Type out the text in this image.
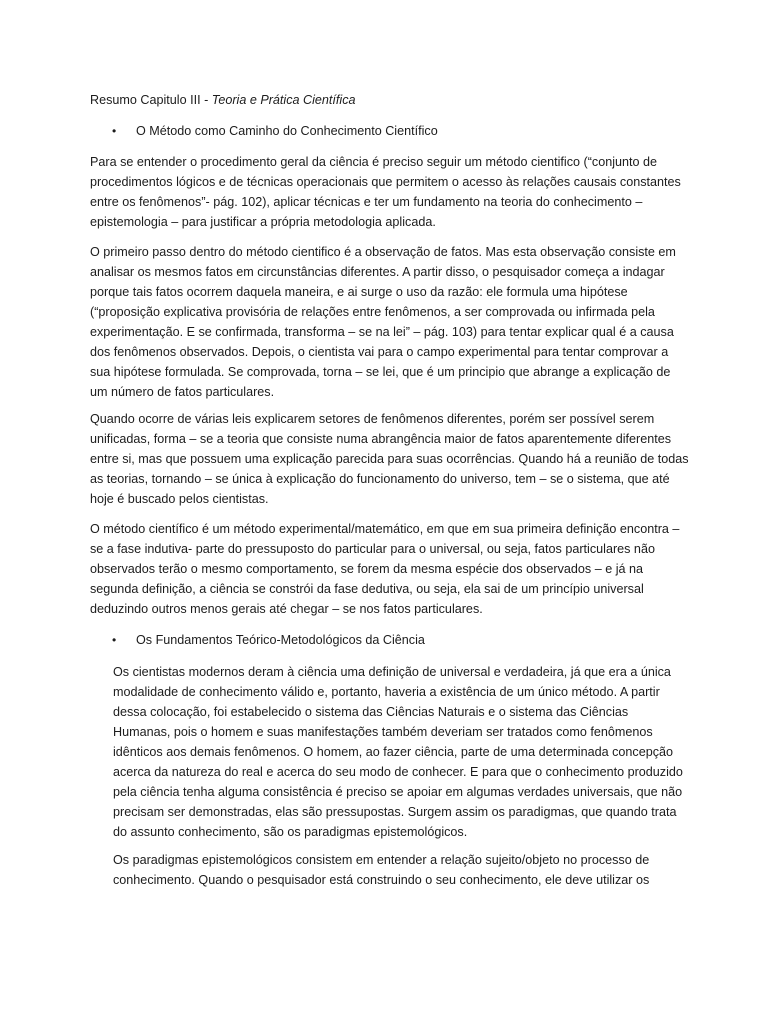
Resumo Capitulo III - Teoria e Prática Científica

•	O Método como Caminho do Conhecimento Científico

Para se entender o procedimento geral da ciência é preciso seguir um método cientifico (“conjunto de procedimentos lógicos e de técnicas operacionais que permitem o acesso às relações causais constantes entre os fenômenos”- pág. 102), aplicar técnicas e ter um fundamento na teoria do conhecimento – epistemologia – para justificar a própria metodologia aplicada.

O primeiro passo dentro do método cientifico é a observação de fatos. Mas esta observação consiste em analisar os mesmos fatos em circunstâncias diferentes. A partir disso, o pesquisador começa a indagar porque tais fatos ocorrem daquela maneira, e ai surge o uso da razão: ele formula uma hipótese (“proposição explicativa provisória de relações entre fenômenos, a ser comprovada ou infirmada pela experimentação. E se confirmada, transforma – se na lei” – pág. 103) para tentar explicar qual é a causa dos fenômenos observados. Depois, o cientista vai para o campo experimental para tentar comprovar a sua hipótese formulada. Se comprovada, torna – se lei, que é um principio que abrange a explicação de um número de fatos particulares.

Quando ocorre de várias leis explicarem setores de fenômenos diferentes, porém ser possível serem unificadas, forma – se a teoria que consiste numa abrangência maior de fatos aparentemente diferentes entre si, mas que possuem uma explicação parecida para suas ocorrências. Quando há a reunião de todas as teorias, tornando – se única à explicação do funcionamento do universo, tem – se o sistema, que até hoje é buscado pelos cientistas.

O método científico é um método experimental/matemático, em que em sua primeira definição encontra – se a fase indutiva- parte do pressuposto do particular para o universal, ou seja, fatos particulares não observados terão o mesmo comportamento, se forem da mesma espécie dos observados – e já na segunda definição, a ciência se constrói da fase dedutiva, ou seja, ela sai de um princípio universal deduzindo outros menos gerais até chegar – se nos fatos particulares.

•	Os Fundamentos Teórico-Metodológicos da Ciência

Os cientistas modernos deram à ciência uma definição de universal e verdadeira, já que era a única modalidade de conhecimento válido e, portanto, haveria a existência de um único método. A partir dessa colocação, foi estabelecido o sistema das Ciências Naturais e o sistema das Ciências Humanas, pois o homem e suas manifestações também deveriam ser tratados como fenômenos idênticos aos demais fenômenos. O homem, ao fazer ciência, parte de uma determinada concepção acerca da natureza do real e acerca do seu modo de conhecer. E para que o conhecimento produzido pela ciência tenha alguma consistência é preciso se apoiar em algumas verdades universais, que não precisam ser demonstradas, elas são pressupostas. Surgem assim os paradigmas, que quando trata do assunto conhecimento, são os paradigmas epistemológicos.

Os paradigmas epistemológicos consistem em entender a relação sujeito/objeto no processo de conhecimento. Quando o pesquisador está construindo o seu conhecimento, ele deve utilizar os
